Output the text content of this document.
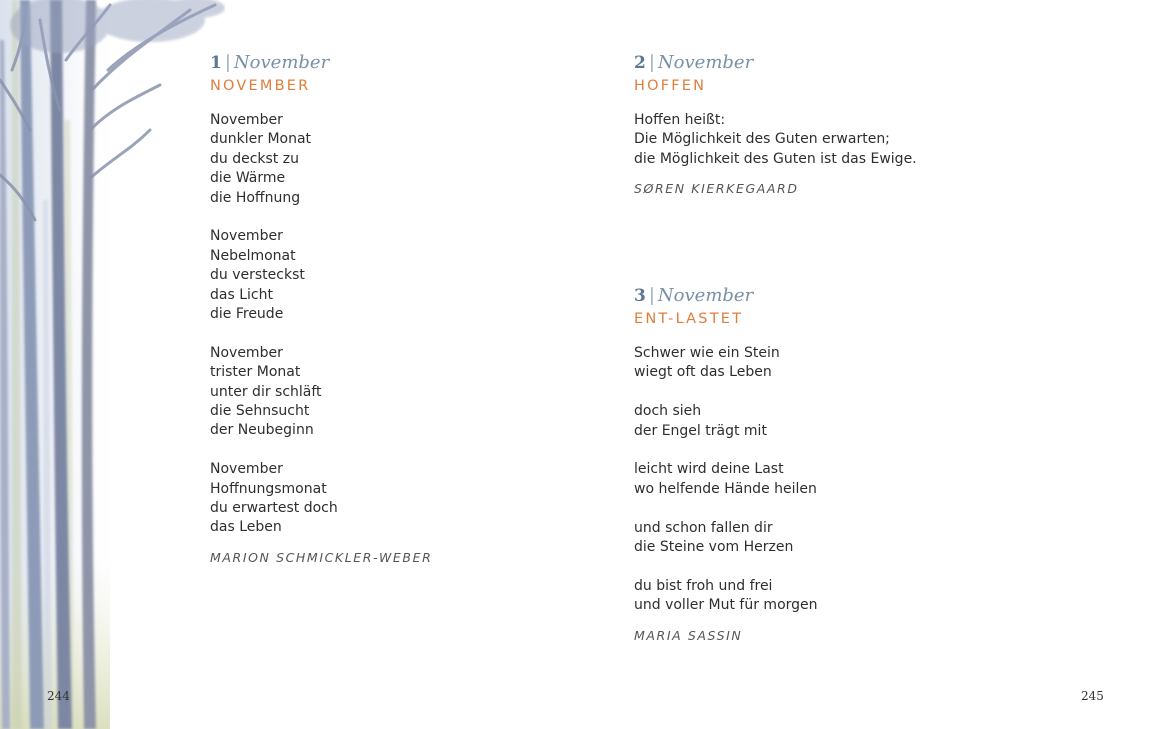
1 | November
NOVEMBER
November
dunkler Monat
du deckst zu
die Wärme
die Hoffnung
November
Nebelmonat
du versteckst
das Licht
die Freude
November
trister Monat
unter dir schläft
die Sehnsucht
der Neubeginn
November
Hoffnungsmonat
du erwartest doch
das Leben
MARION SCHMICKLER-WEBER
2 | November
HOFFEN
Hoffen heißt:
Die Möglichkeit des Guten erwarten;
die Möglichkeit des Guten ist das Ewige.
SØREN KIERKEGAARD
3 | November
ENT-LASTET
Schwer wie ein Stein
wiegt oft das Leben
doch sieh
der Engel trägt mit
leicht wird deine Last
wo helfende Hände heilen
und schon fallen dir
die Steine vom Herzen
du bist froh und frei
und voller Mut für morgen
MARIA SASSIN
244	245
